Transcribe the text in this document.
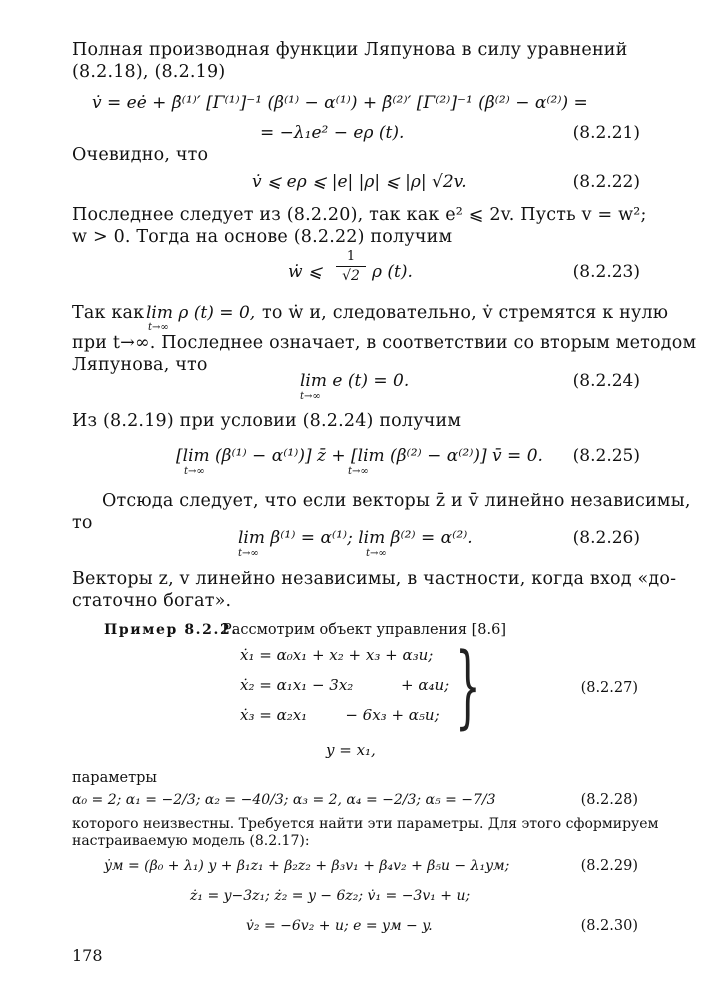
Полная производная функции Ляпунова в силу уравнений
(8.2.18), (8.2.19)
v̇ = eė + β̇⁽¹⁾′ [Γ⁽¹⁾]⁻¹ (β⁽¹⁾ − α⁽¹⁾) + β̇⁽²⁾′ [Γ⁽²⁾]⁻¹ (β⁽²⁾ − α⁽²⁾) =
= −λ₁e² − eρ (t).	(8.2.21)
Очевидно, что
v̇ ⩽ eρ ⩽ |e| |ρ| ⩽ |ρ| √2v.	(8.2.22)
Последнее следует из (8.2.20), так как e² ⩽ 2v. Пусть v = w²;
w > 0. Тогда на основе (8.2.22) получим
ẇ ⩽
1
√2 ρ (t).	(8.2.23)
Так как lim ρ (t) = 0,
t→∞
то ẇ и, следовательно, v̇ стремятся к нулю
при t→∞. Последнее означает, в соответствии со вторым методом
Ляпунова, что
lim e (t) = 0.
t→∞
(8.2.24)
Из (8.2.19) при условии (8.2.24) получим
[lim (β⁽¹⁾ − α⁽¹⁾)] z̄ + [lim (β⁽²⁾ − α⁽²⁾)] v̄ = 0.
t→∞	t→∞
(8.2.25)
Отсюда следует, что если векторы z̄ и v̄ линейно независимы,
то
lim β⁽¹⁾ = α⁽¹⁾; lim β⁽²⁾ = α⁽²⁾.
t→∞	t→∞
(8.2.26)
Векторы z, v линейно независимы, в частности, когда вход «до-
статочно богат».
Пример 8.2.2.
Рассмотрим объект управления [8.6]
ẋ₁ = α₀x₁ + x₂ + x₃ + α₃u;
ẋ₂ = α₁x₁ − 3x₂          + α₄u;
ẋ₃ = α₂x₁        − 6x₃ + α₅u; }	(8.2.27)
y = x₁,
параметры
α₀ = 2; α₁ = −2/3; α₂ = −40/3; α₃ = 2, α₄ = −2/3; α₅ = −7/3	(8.2.28)
которого неизвестны. Требуется найти эти параметры. Для этого сформируем
настраиваемую модель (8.2.17):
ẏм = (β₀ + λ₁) y + β₁z₁ + β₂z₂ + β₃v₁ + β₄v₂ + β₅u − λ₁yм;	(8.2.29)
ż₁ = y−3z₁; ż₂ = y − 6z₂; v̇₁ = −3v₁ + u;
v̇₂ = −6v₂ + u; e = yм − y.	(8.2.30)
178
